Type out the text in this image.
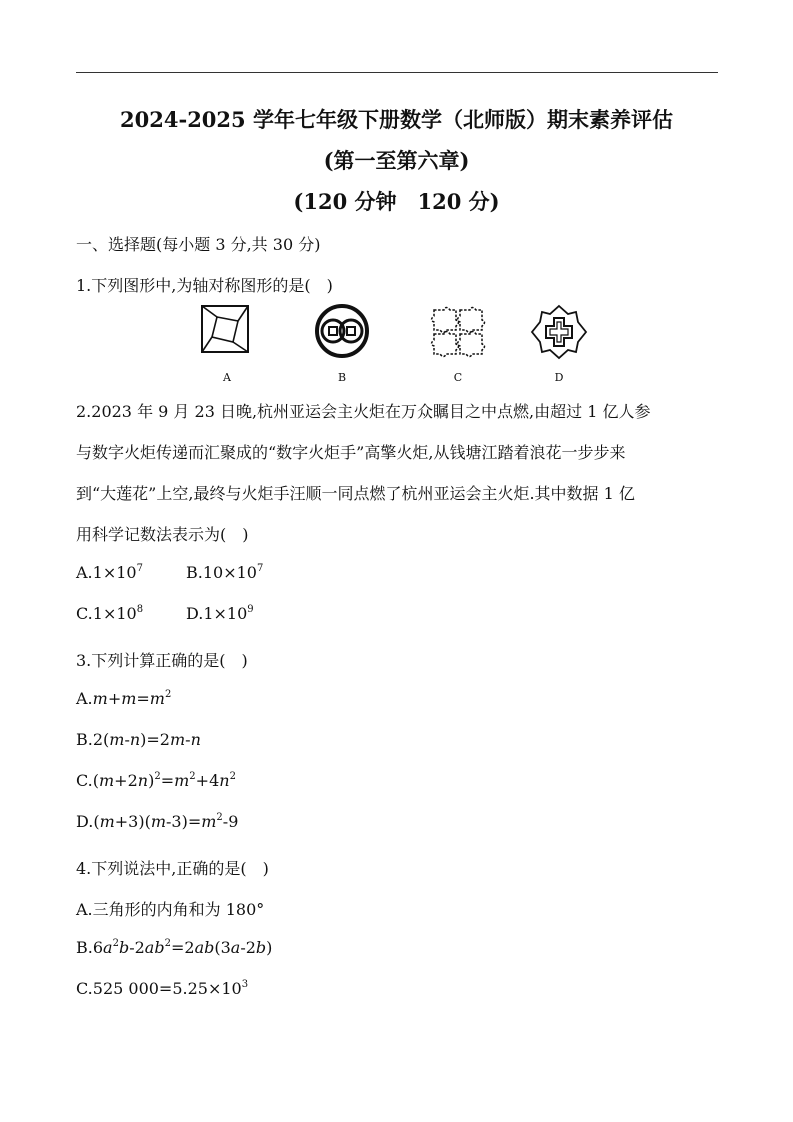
2024-2025 学年七年级下册数学（北师版）期末素养评估
(第一至第六章)
(120 分钟　120 分)
一、选择题(每小题 3 分,共 30 分)
1.下列图形中,为轴对称图形的是(　)
A	B	C	D
2.2023 年 9 月 23 日晚,杭州亚运会主火炬在万众瞩目之中点燃,由超过 1 亿人参
与数字火炬传递而汇聚成的“数字火炬手”高擎火炬,从钱塘江踏着浪花一步步来
到“大莲花”上空,最终与火炬手汪顺一同点燃了杭州亚运会主火炬.其中数据 1 亿
用科学记数法表示为(　)
$A.1\times 10^7$	$B.10\times 10^7$
$C.1\times 10^8$	$D.1\times 10^9$
3.下列计算正确的是(　)
$A.m+m=m^2$
B.2(m-n)=2m-n
$C.(m+2n)^2=m^2+4n^2$
$D.(m+3)(m-3)=m^2-9$
4.下列说法中,正确的是(　)
A.三角形的内角和为 180°
$B.6a^2b-2ab^2=2ab(3a-2b)$
C.525 $000=5.25\times 10^3$
